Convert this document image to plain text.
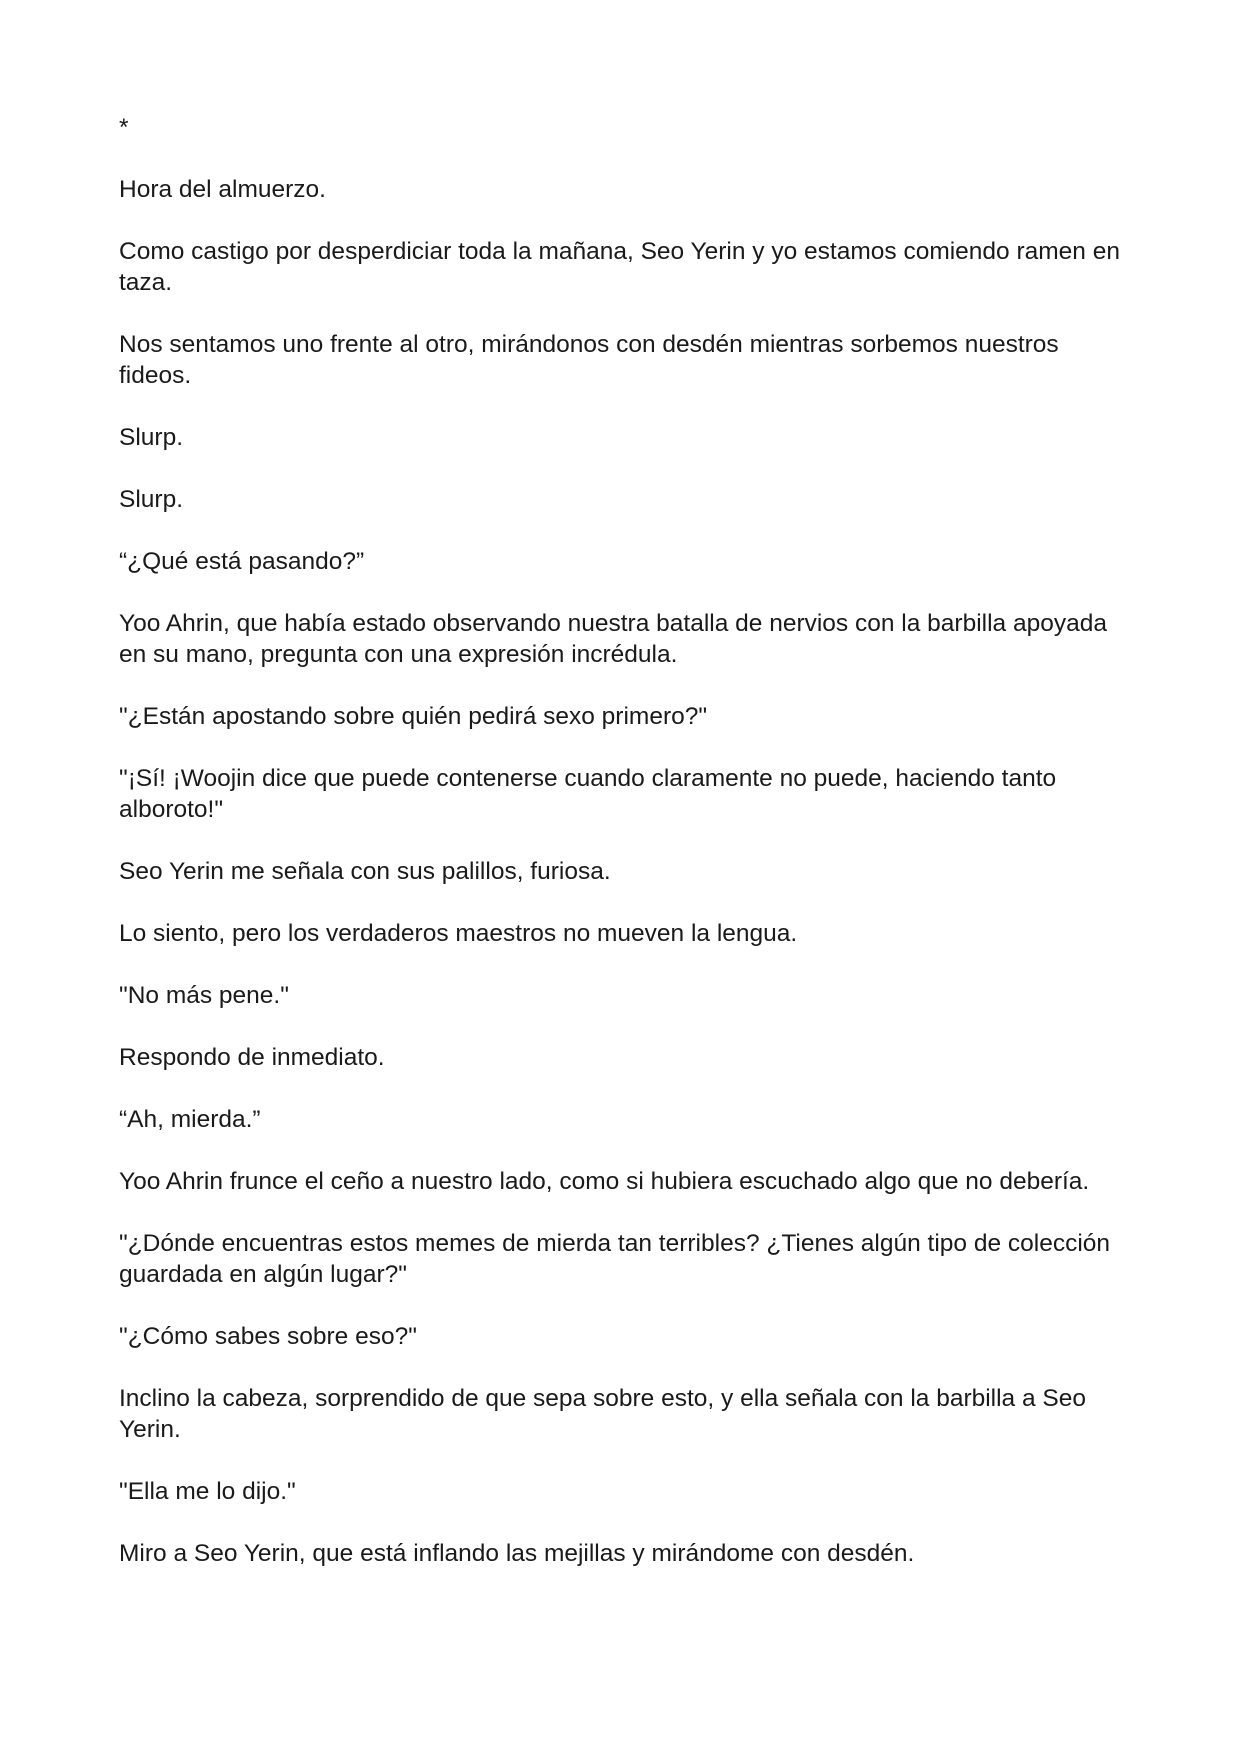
*

Hora del almuerzo.

Como castigo por desperdiciar toda la mañana, Seo Yerin y yo estamos comiendo ramen en taza.

Nos sentamos uno frente al otro, mirándonos con desdén mientras sorbemos nuestros fideos.

Slurp.

Slurp.

“¿Qué está pasando?”

Yoo Ahrin, que había estado observando nuestra batalla de nervios con la barbilla apoyada en su mano, pregunta con una expresión incrédula.

"¿Están apostando sobre quién pedirá sexo primero?"

"¡Sí! ¡Woojin dice que puede contenerse cuando claramente no puede, haciendo tanto alboroto!"

Seo Yerin me señala con sus palillos, furiosa.

Lo siento, pero los verdaderos maestros no mueven la lengua.

"No más pene."

Respondo de inmediato.

“Ah, mierda.”

Yoo Ahrin frunce el ceño a nuestro lado, como si hubiera escuchado algo que no debería.

"¿Dónde encuentras estos memes de mierda tan terribles? ¿Tienes algún tipo de colección guardada en algún lugar?"

"¿Cómo sabes sobre eso?"

Inclino la cabeza, sorprendido de que sepa sobre esto, y ella señala con la barbilla a Seo Yerin.

"Ella me lo dijo."

Miro a Seo Yerin, que está inflando las mejillas y mirándome con desdén.
